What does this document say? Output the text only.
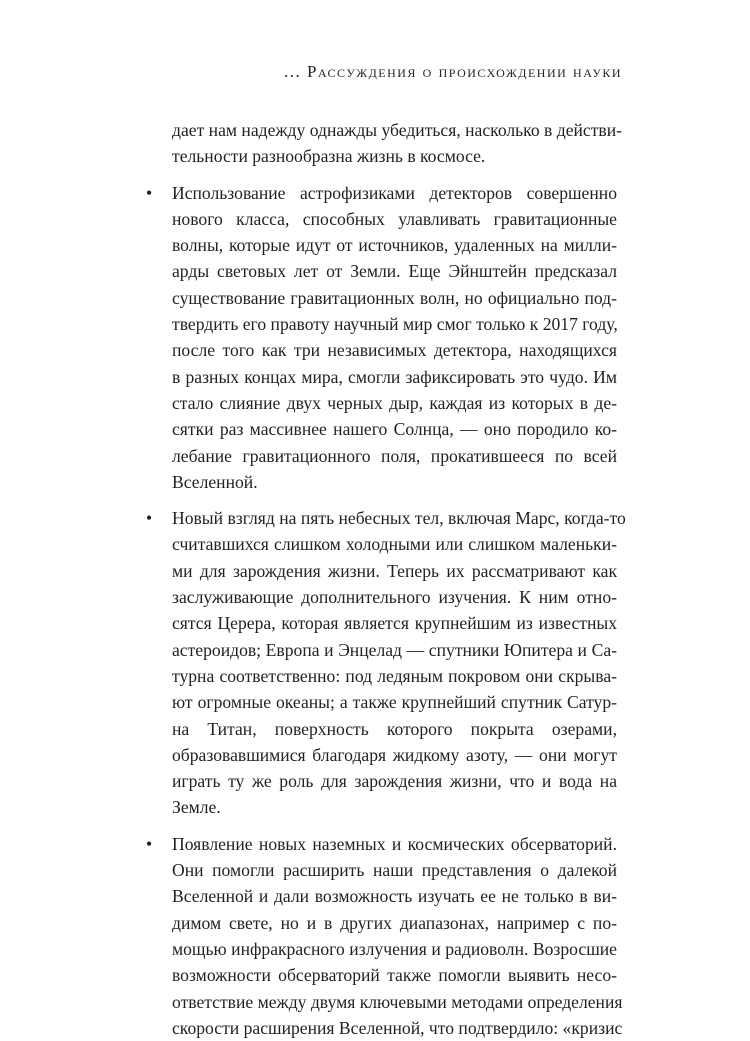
... Рассуждения о происхождении науки
дает нам надежду однажды убедиться, насколько в действи-
тельности разнообразна жизнь в космосе.
• Использование астрофизиками детекторов совершенно
нового класса, способных улавливать гравитационные
волны, которые идут от источников, удаленных на милли-
арды световых лет от Земли. Еще Эйнштейн предсказал
существование гравитационных волн, но официально под-
твердить его правоту научный мир смог только к 2017 году,
после того как три независимых детектора, находящихся
в разных концах мира, смогли зафиксировать это чудо. Им
стало слияние двух черных дыр, каждая из которых в де-
сятки раз массивнее нашего Солнца, — оно породило ко-
лебание гравитационного поля, прокатившееся по всей
Вселенной.
• Новый взгляд на пять небесных тел, включая Марс, когда-то
считавшихся слишком холодными или слишком маленьки-
ми для зарождения жизни. Теперь их рассматривают как
заслуживающие дополнительного изучения. К ним отно-
сятся Церера, которая является крупнейшим из известных
астероидов; Европа и Энцелад — спутники Юпитера и Са-
турна соответственно: под ледяным покровом они скрыва-
ют огромные океаны; а также крупнейший спутник Сатур-
на Титан, поверхность которого покрыта озерами,
образовавшимися благодаря жидкому азоту, — они могут
играть ту же роль для зарождения жизни, что и вода на
Земле.
• Появление новых наземных и космических обсерваторий.
Они помогли расширить наши представления о далекой
Вселенной и дали возможность изучать ее не только в ви-
димом свете, но и в других диапазонах, например с по-
мощью инфракрасного излучения и радиоволн. Возросшие
возможности обсерваторий также помогли выявить несо-
ответствие между двумя ключевыми методами определения
скорости расширения Вселенной, что подтвердило: «кризис
